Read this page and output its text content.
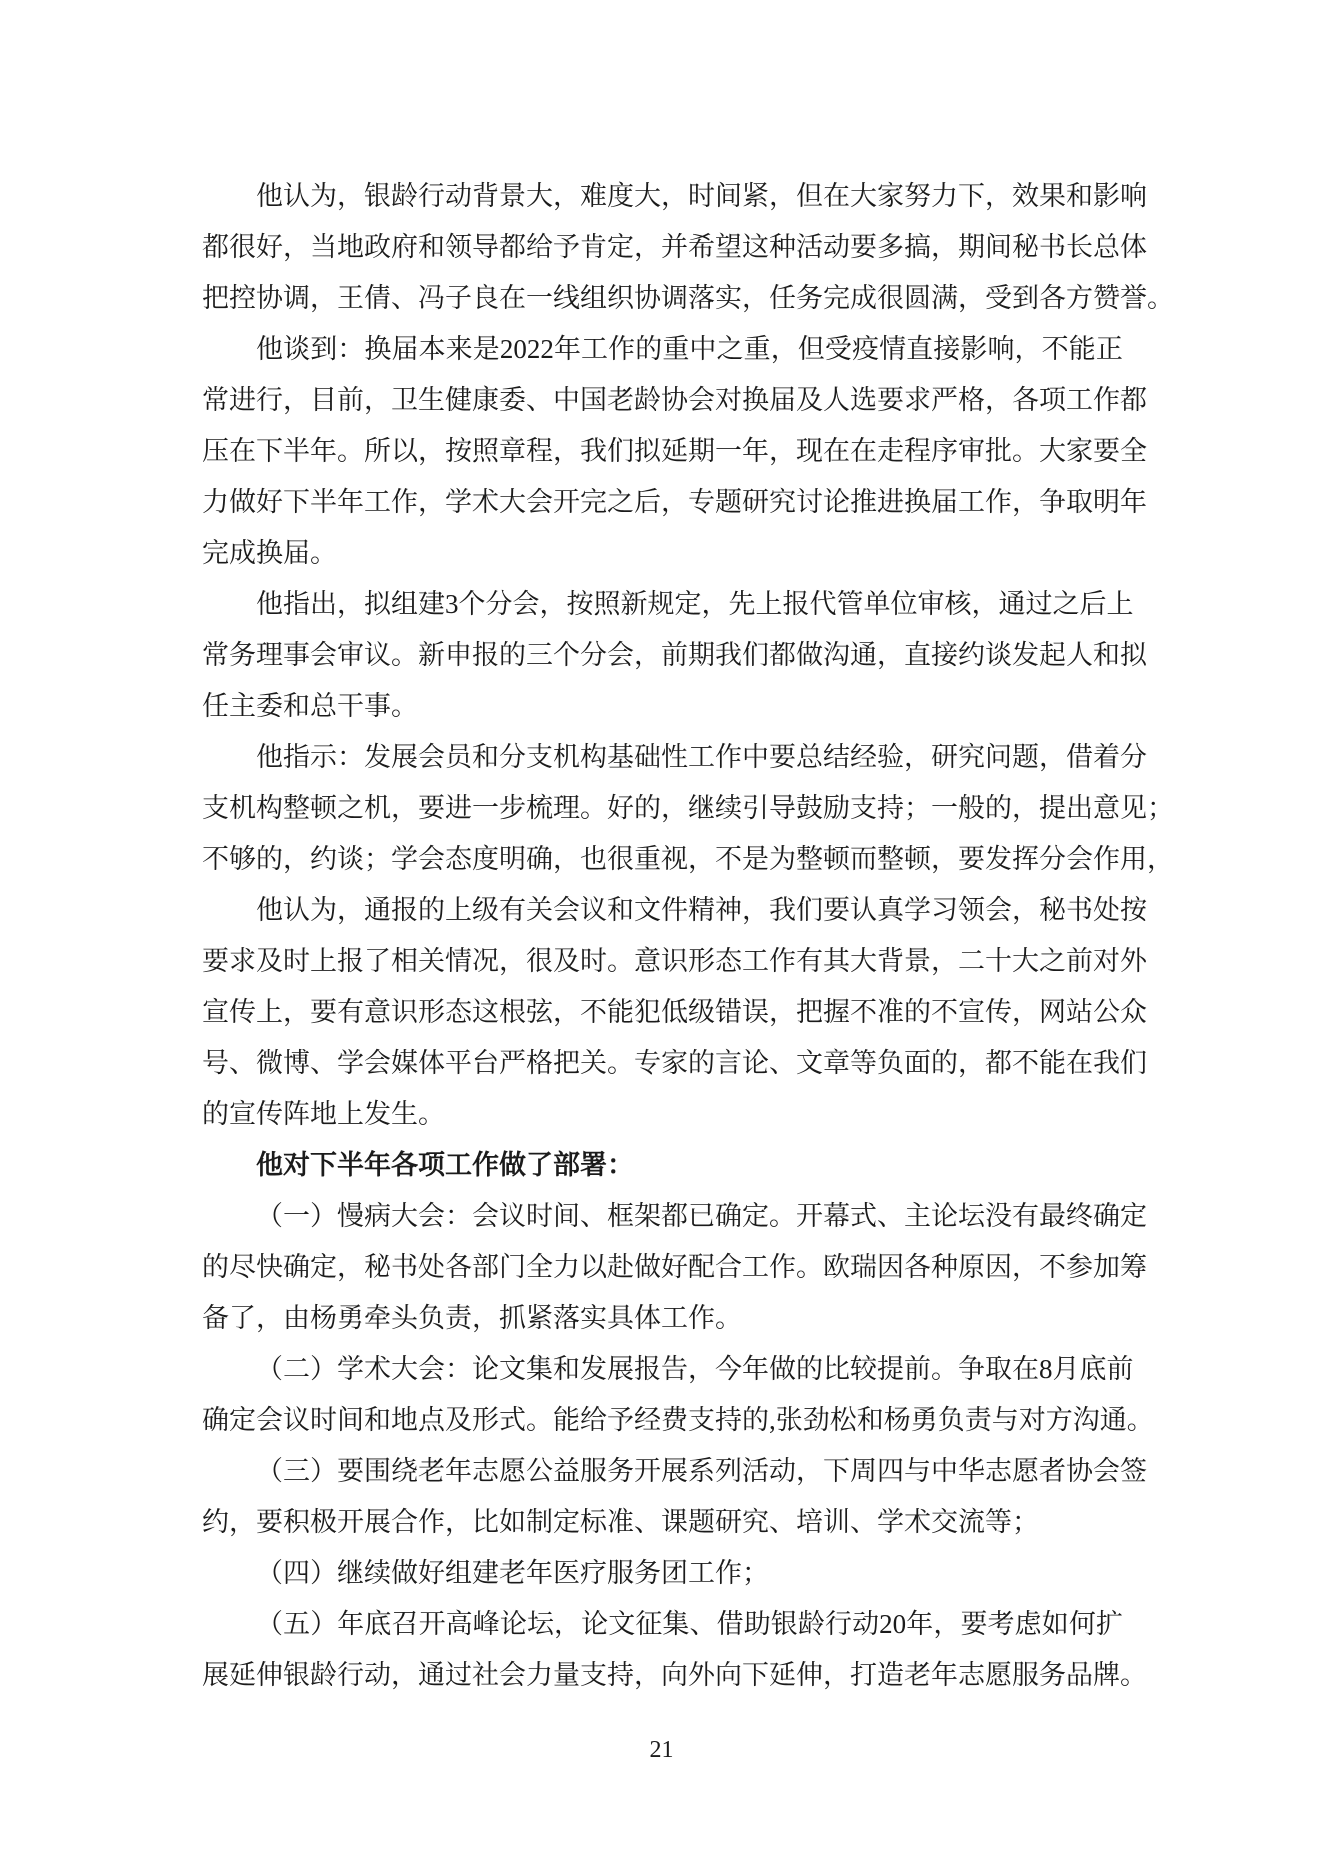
他 认 为 ， 银 龄 行 动 背 景 大 ， 难 度 大 ， 时 间 紧 ， 但 在 大 家 努 力 下 ， 效 果 和 影 响
都 很 好 ， 当 地 政 府 和 领 导 都 给 予 肯 定 ， 并 希 望 这 种 活 动 要 多 搞 ， 期 间 秘 书 长 总 体
把 控 协 调 ， 王 倩 、 冯 子 良 在 一 线 组 织 协 调 落 实 ， 任 务 完 成 很 圆 满 ， 受 到 各 方 赞 誉 。
他 谈 到 ： 换 届 本 来 是 2022 年 工 作 的 重 中 之 重 ， 但 受 疫 情 直 接 影 响 ， 不 能 正
常 进 行 ， 目 前 ， 卫 生 健 康 委 、 中 国 老 龄 协 会 对 换 届 及 人 选 要 求 严 格 ， 各 项 工 作 都
压 在 下 半 年 。 所 以 ， 按 照 章 程 ， 我 们 拟 延 期 一 年 ， 现 在 在 走 程 序 审 批 。 大 家 要 全
力 做 好 下 半 年 工 作 ， 学 术 大 会 开 完 之 后 ， 专 题 研 究 讨 论 推 进 换 届 工 作 ， 争 取 明 年
完成换届。
他 指 出 ， 拟 组 建 3 个 分 会 ， 按 照 新 规 定 ， 先 上 报 代 管 单 位 审 核 ， 通 过 之 后 上
常 务 理 事 会 审 议 。 新 申 报 的 三 个 分 会 ， 前 期 我 们 都 做 沟 通 ， 直 接 约 谈 发 起 人 和 拟
任主委和总干事。
他 指 示 ： 发 展 会 员 和 分 支 机 构 基 础 性 工 作 中 要 总 结 经 验 ， 研 究 问 题 ， 借 着 分
支 机 构 整 顿 之 机 ， 要 进 一 步 梳 理 。 好 的 ， 继 续 引 导 鼓 励 支 持 ； 一 般 的 ， 提 出 意 见 ；
不 够 的 ， 约 谈 ； 学 会 态 度 明 确 ， 也 很 重 视 ， 不 是 为 整 顿 而 整 顿 ， 要 发 挥 分 会 作 用 ，
他 认 为 ， 通 报 的 上 级 有 关 会 议 和 文 件 精 神 ， 我 们 要 认 真 学 习 领 会 ， 秘 书 处 按
要 求 及 时 上 报 了 相 关 情 况 ， 很 及 时 。 意 识 形 态 工 作 有 其 大 背 景 ， 二 十 大 之 前 对 外
宣 传 上 ， 要 有 意 识 形 态 这 根 弦 ， 不 能 犯 低 级 错 误 ， 把 握 不 准 的 不 宣 传 ， 网 站 公 众
号 、 微 博 、 学 会 媒 体 平 台 严 格 把 关 。 专 家 的 言 论 、 文 章 等 负 面 的 ， 都 不 能 在 我 们
的宣传阵地上发生。
他对下半年各项工作做了部署：
（ 一 ） 慢 病 大 会 ： 会 议 时 间 、 框 架 都 已 确 定 。 开 幕 式 、 主 论 坛 没 有 最 终 确 定
的 尽 快 确 定 ， 秘 书 处 各 部 门 全 力 以 赴 做 好 配 合 工 作 。 欧 瑞 因 各 种 原 因 ， 不 参 加 筹
备了，由杨勇牵头负责，抓紧落实具体工作。
（ 二 ） 学 术 大 会 ： 论 文 集 和 发 展 报 告 ， 今 年 做 的 比 较 提 前 。 争 取 在 8 月 底 前
确 定 会 议 时 间 和 地 点 及 形 式 。 能 给 予 经 费 支 持 的 , 张 劲 松 和 杨 勇 负 责 与 对 方 沟 通 。
（ 三 ） 要 围 绕 老 年 志 愿 公 益 服 务 开 展 系 列 活 动 ， 下 周 四 与 中 华 志 愿 者 协 会 签
约，要积极开展合作，比如制定标准、课题研究、培训、学术交流等；
（四）继续做好组建老年医疗服务团工作；
（ 五 ） 年 底 召 开 高 峰 论 坛 ， 论 文 征 集 、 借 助 银 龄 行 动 20 年 ， 要 考 虑 如 何 扩
展 延 伸 银 龄 行 动 ， 通 过 社 会 力 量 支 持 ， 向 外 向 下 延 伸 ， 打 造 老 年 志 愿 服 务 品 牌 。
21
